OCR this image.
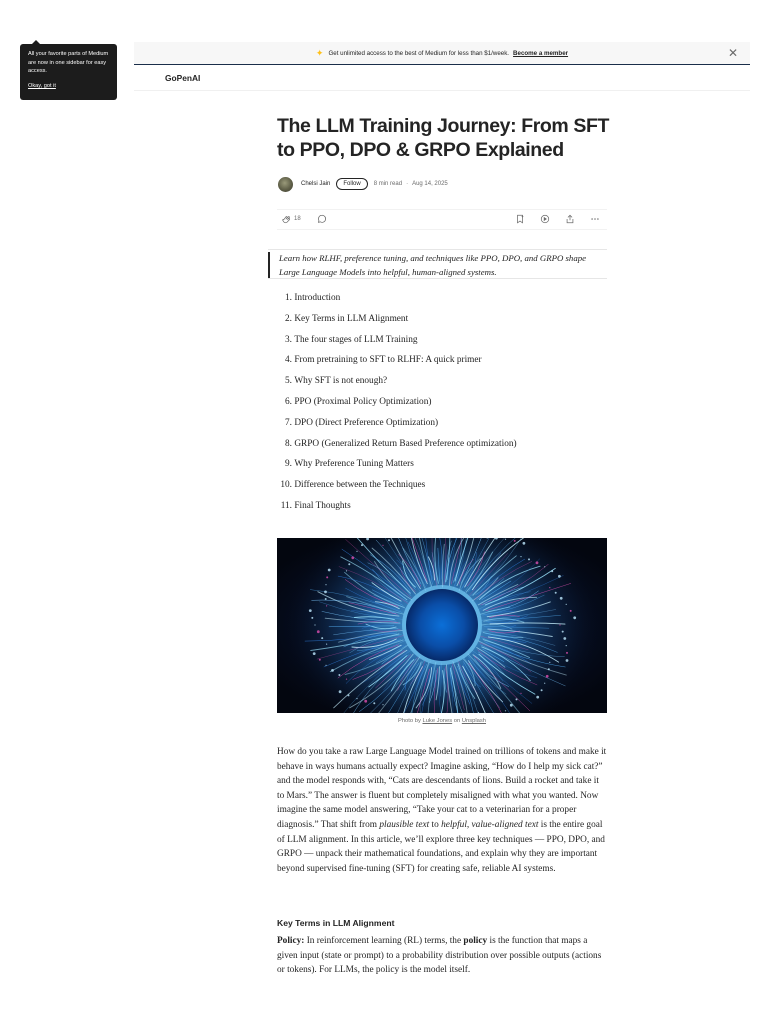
All your favorite parts of Medium are now in one sidebar for easy access.
Okay, got it
✦ Get unlimited access to the best of Medium for less than $1/week. Become a member	✕
GoPenAI
The LLM Training Journey: From SFT to PPO, DPO & GRPO Explained
Chelsi Jain	Follow	8 min read · Aug 14, 2025
18
Learn how RLHF, preference tuning, and techniques like PPO, DPO, and GRPO shape Large Language Models into helpful, human-aligned systems.
1.
Introduction
2.
Key Terms in LLM Alignment
3.
The four stages of LLM Training
4.
From pretraining to SFT to RLHF: A quick primer
5.
Why SFT is not enough?
6.
PPO (Proximal Policy Optimization)
7.
DPO (Direct Preference Optimization)
8.
GRPO (Generalized Return Based Preference optimization)
9.
Why Preference Tuning Matters
10.
Difference between the Techniques
11.
Final Thoughts
Photo by Luke Jones on Unsplash

How do you take a raw Large Language Model trained on trillions of tokens and make it behave in ways humans actually expect? Imagine asking, “How do I help my sick cat?” and the model responds with, “Cats are descendants of lions. Build a rocket and take it to Mars.” The answer is fluent but completely misaligned with what you wanted. Now imagine the same model answering, “Take your cat to a veterinarian for a proper diagnosis.” That shift from plausible text to helpful, value-aligned text is the entire goal of LLM alignment. In this article, we’ll explore three key techniques — PPO, DPO, and GRPO — unpack their mathematical foundations, and explain why they are important beyond supervised fine-tuning (SFT) for creating safe, reliable AI systems.

Key Terms in LLM Alignment

Policy: In reinforcement learning (RL) terms, the policy is the function that maps a given input (state or prompt) to a probability distribution over possible outputs (actions or tokens). For LLMs, the policy is the model itself.
